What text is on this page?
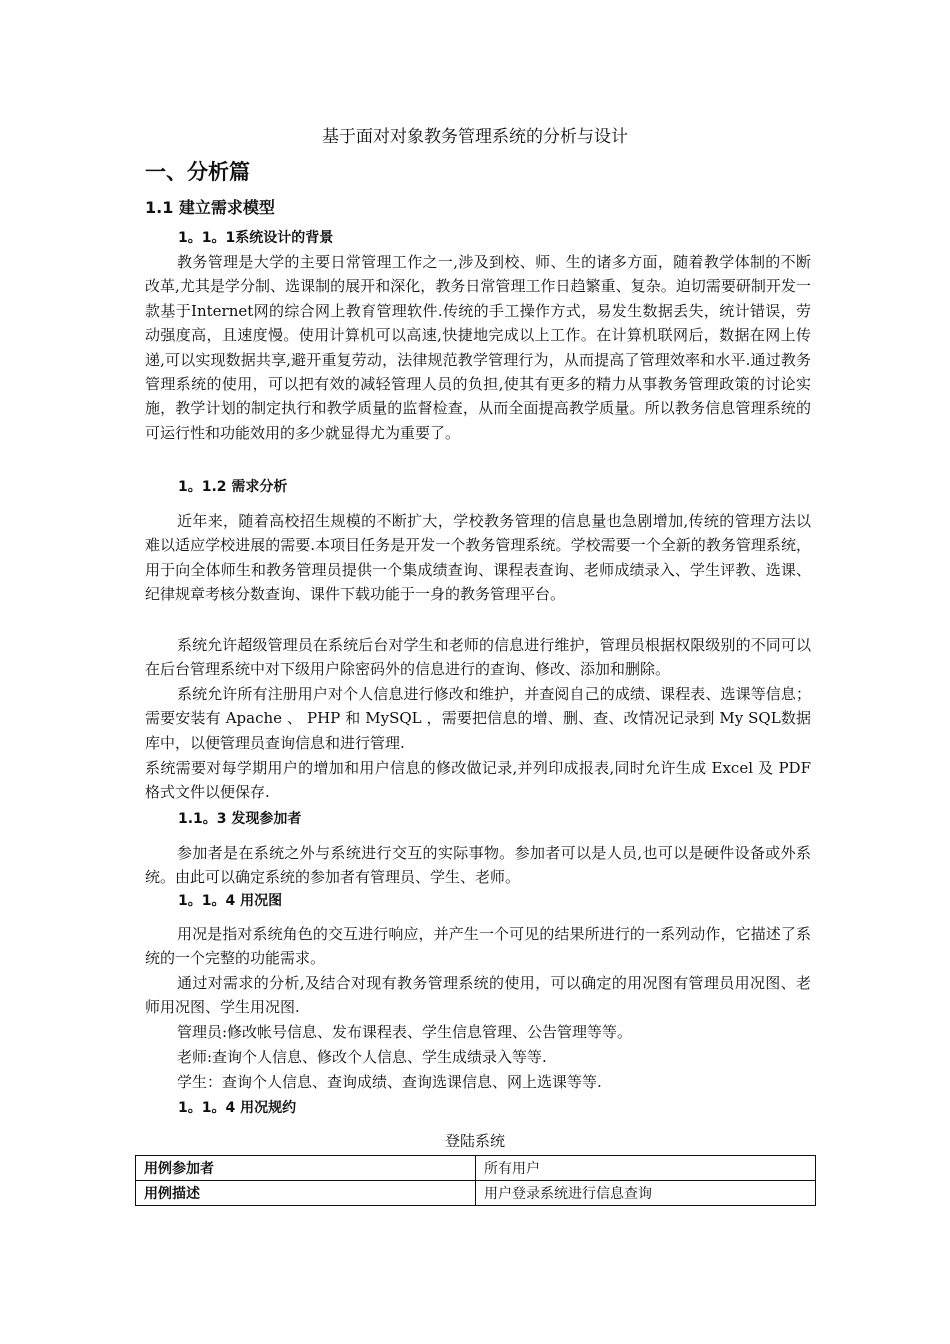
基于面对对象教务管理系统的分析与设计
一、分析篇
1.1 建立需求模型
1。1。1系统设计的背景

教务管理是大学的主要日常管理工作之一,涉及到校、师、生的诸多方面，随着教学体制的不断改革,尤其是学分制、选课制的展开和深化，教务日常管理工作日趋繁重、复杂。迫切需要研制开发一款基于Internet网的综合网上教育管理软件.传统的手工操作方式，易发生数据丢失，统计错误，劳动强度高，且速度慢。使用计算机可以高速,快捷地完成以上工作。在计算机联网后，数据在网上传递,可以实现数据共享,避开重复劳动，法律规范教学管理行为，从而提高了管理效率和水平.通过教务管理系统的使用，可以把有效的减轻管理人员的负担,使其有更多的精力从事教务管理政策的讨论实施，教学计划的制定执行和教学质量的监督检查，从而全面提高教学质量。所以教务信息管理系统的可运行性和功能效用的多少就显得尤为重要了。

1。1.2 需求分析

近年来，随着高校招生规模的不断扩大，学校教务管理的信息量也急剧增加,传统的管理方法以难以适应学校进展的需要.本项目任务是开发一个教务管理系统。学校需要一个全新的教务管理系统，用于向全体师生和教务管理员提供一个集成绩查询、课程表查询、老师成绩录入、学生评教、选课、纪律规章考核分数查询、课件下载功能于一身的教务管理平台。

系统允许超级管理员在系统后台对学生和老师的信息进行维护，管理员根据权限级别的不同可以在后台管理系统中对下级用户除密码外的信息进行的查询、修改、添加和删除。

系统允许所有注册用户对个人信息进行修改和维护，并查阅自己的成绩、课程表、选课等信息；需要安装有 Apache 、 PHP 和 MySQL ，需要把信息的增、删、查、改情况记录到 My SQL数据库中，以便管理员查询信息和进行管理.

系统需要对每学期用户的增加和用户信息的修改做记录,并列印成报表,同时允许生成 Excel 及 PDF格式文件以便保存.

1.1。3 发现参加者

参加者是在系统之外与系统进行交互的实际事物。参加者可以是人员,也可以是硬件设备或外系统。由此可以确定系统的参加者有管理员、学生、老师。

1。1。4 用况图

用况是指对系统角色的交互进行响应，并产生一个可见的结果所进行的一系列动作，它描述了系统的一个完整的功能需求。

通过对需求的分析,及结合对现有教务管理系统的使用，可以确定的用况图有管理员用况图、老师用况图、学生用况图.

管理员:修改帐号信息、发布课程表、学生信息管理、公告管理等等。

老师:查询个人信息、修改个人信息、学生成绩录入等等.

学生：查询个人信息、查询成绩、查询选课信息、网上选课等等.

1。1。4 用况规约
登陆系统
用例参加者	所有用户
用例描述	用户登录系统进行信息查询
